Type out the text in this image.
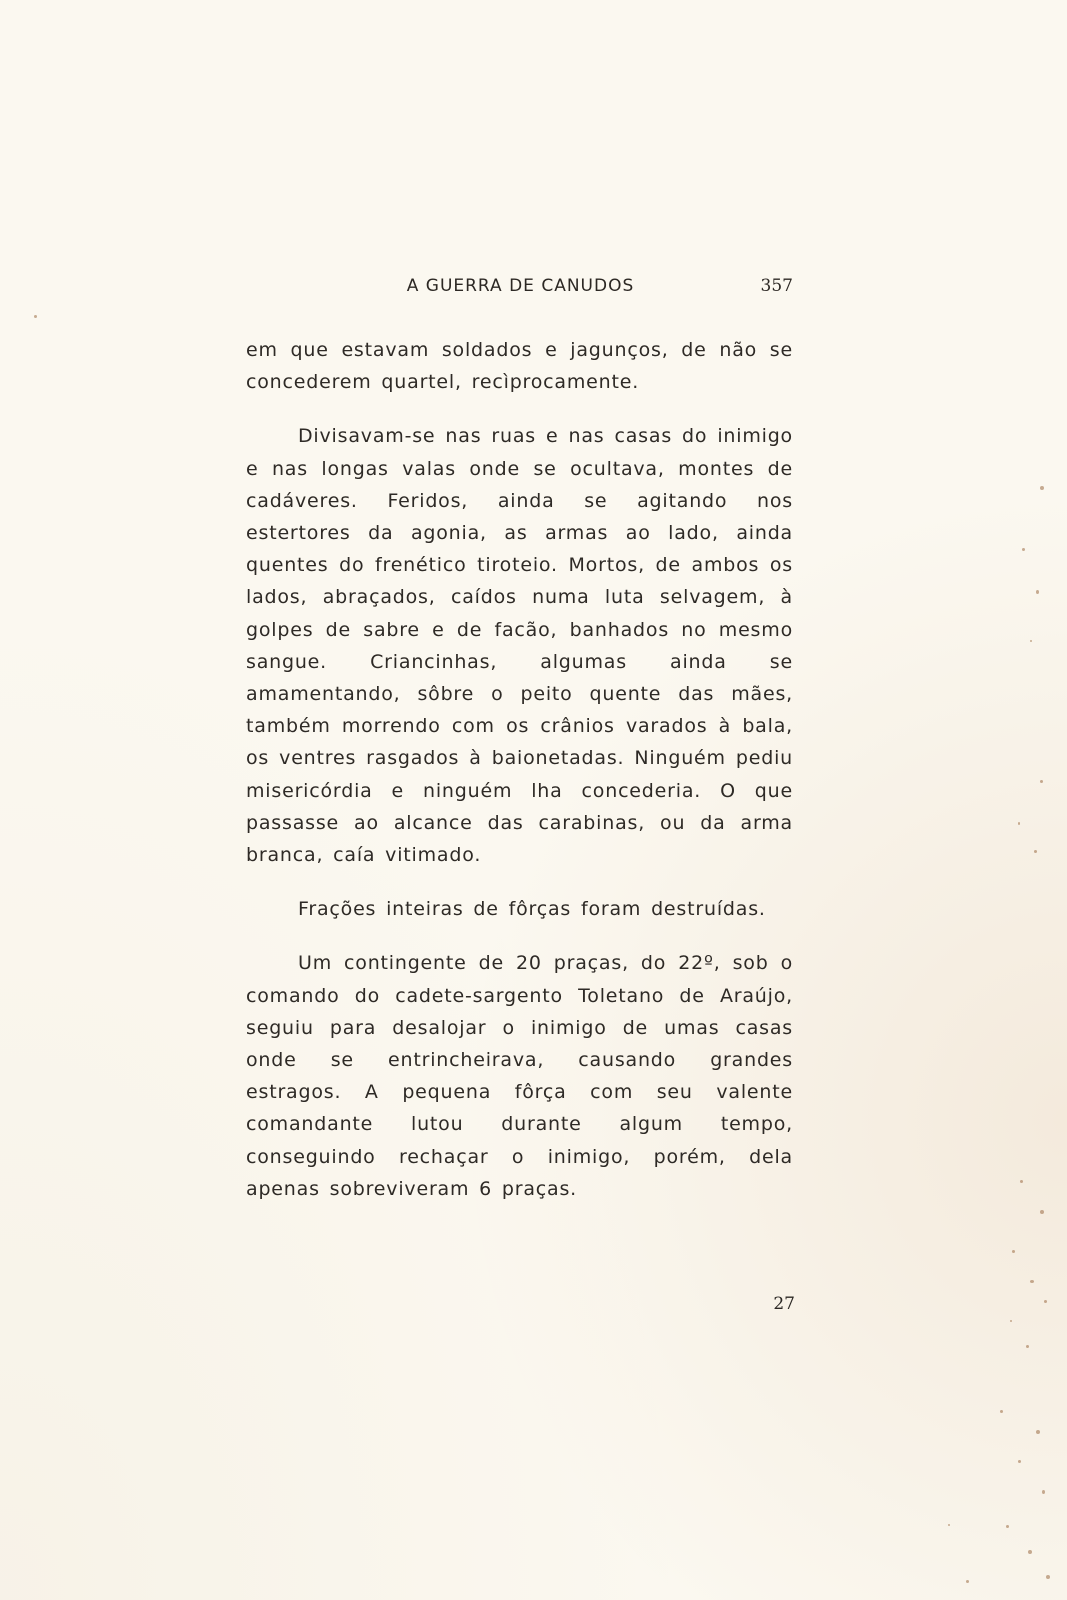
A GUERRA DE CANUDOS	357

em que estavam soldados e jagunços, de não se concederem quartel, recìprocamente.

Divisavam-se nas ruas e nas casas do inimigo e nas longas valas onde se ocultava, montes de cadáveres. Feridos, ainda se agitando nos estertores da agonia, as armas ao lado, ainda quentes do frenético tiroteio. Mortos, de ambos os lados, abraçados, caídos numa luta selvagem, à golpes de sabre e de facão, banhados no mesmo sangue. Criancinhas, algumas ainda se amamentando, sôbre o peito quente das mães, também morrendo com os crânios varados à bala, os ventres rasgados à baionetadas. Ninguém pediu misericórdia e ninguém lha concederia. O que passasse ao alcance das carabinas, ou da arma branca, caía vitimado.

Frações inteiras de fôrças foram destruídas.

Um contingente de 20 praças, do 22º, sob o comando do cadete-sargento Toletano de Araújo, seguiu para desalojar o inimigo de umas casas onde se entrincheirava, causando grandes estragos. A pequena fôrça com seu valente comandante lutou durante algum tempo, conseguindo rechaçar o inimigo, porém, dela apenas sobreviveram 6 praças.

27
